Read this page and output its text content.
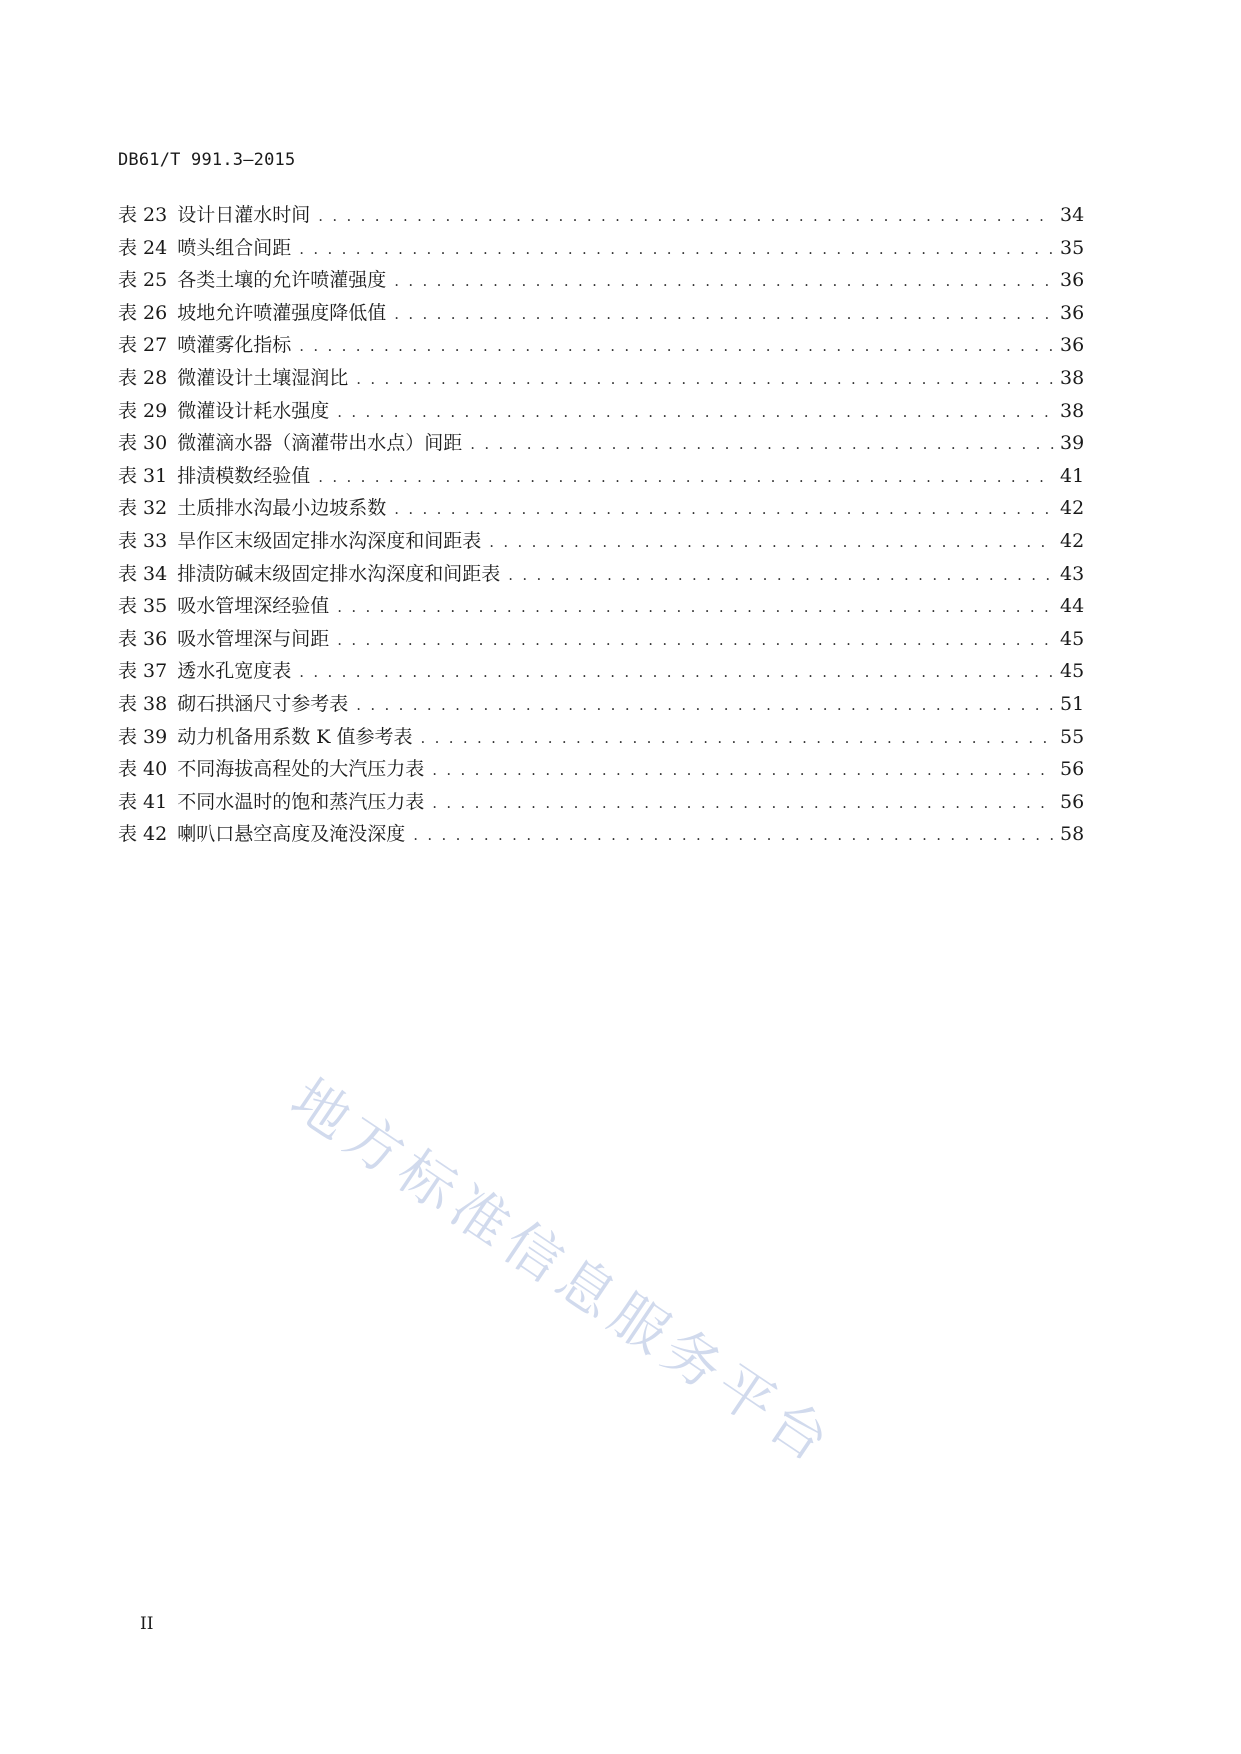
DB61/T 991.3—2015
表 23 设计日灌水时间 . . .	34
表 24 喷头组合间距 . . .	35
表 25 各类土壤的允许喷灌强度 . . .	36
表 26 坡地允许喷灌强度降低值 . . .	36
表 27 喷灌雾化指标 . . .	36
表 28 微灌设计土壤湿润比 . . .	38
表 29 微灌设计耗水强度 . . .	38
表 30 微灌滴水器（滴灌带出水点）间距 . . .	39
表 31 排渍模数经验值 . . .	41
表 32 土质排水沟最小边坡系数 . . .	42
表 33 旱作区末级固定排水沟深度和间距表 . . .	42
表 34 排渍防碱末级固定排水沟深度和间距表 . . .	43
表 35 吸水管埋深经验值 . . .	44
表 36 吸水管埋深与间距 . . .	45
表 37 透水孔宽度表 . . .	45
表 38 砌石拱涵尺寸参考表 . . .	51
表 39 动力机备用系数 K 值参考表 . . .	55
表 40 不同海拔高程处的大汽压力表 . . .	56
表 41 不同水温时的饱和蒸汽压力表 . . .	56
表 42 喇叭口悬空高度及淹没深度 . . .	58
地方标准信息服务平台
II
